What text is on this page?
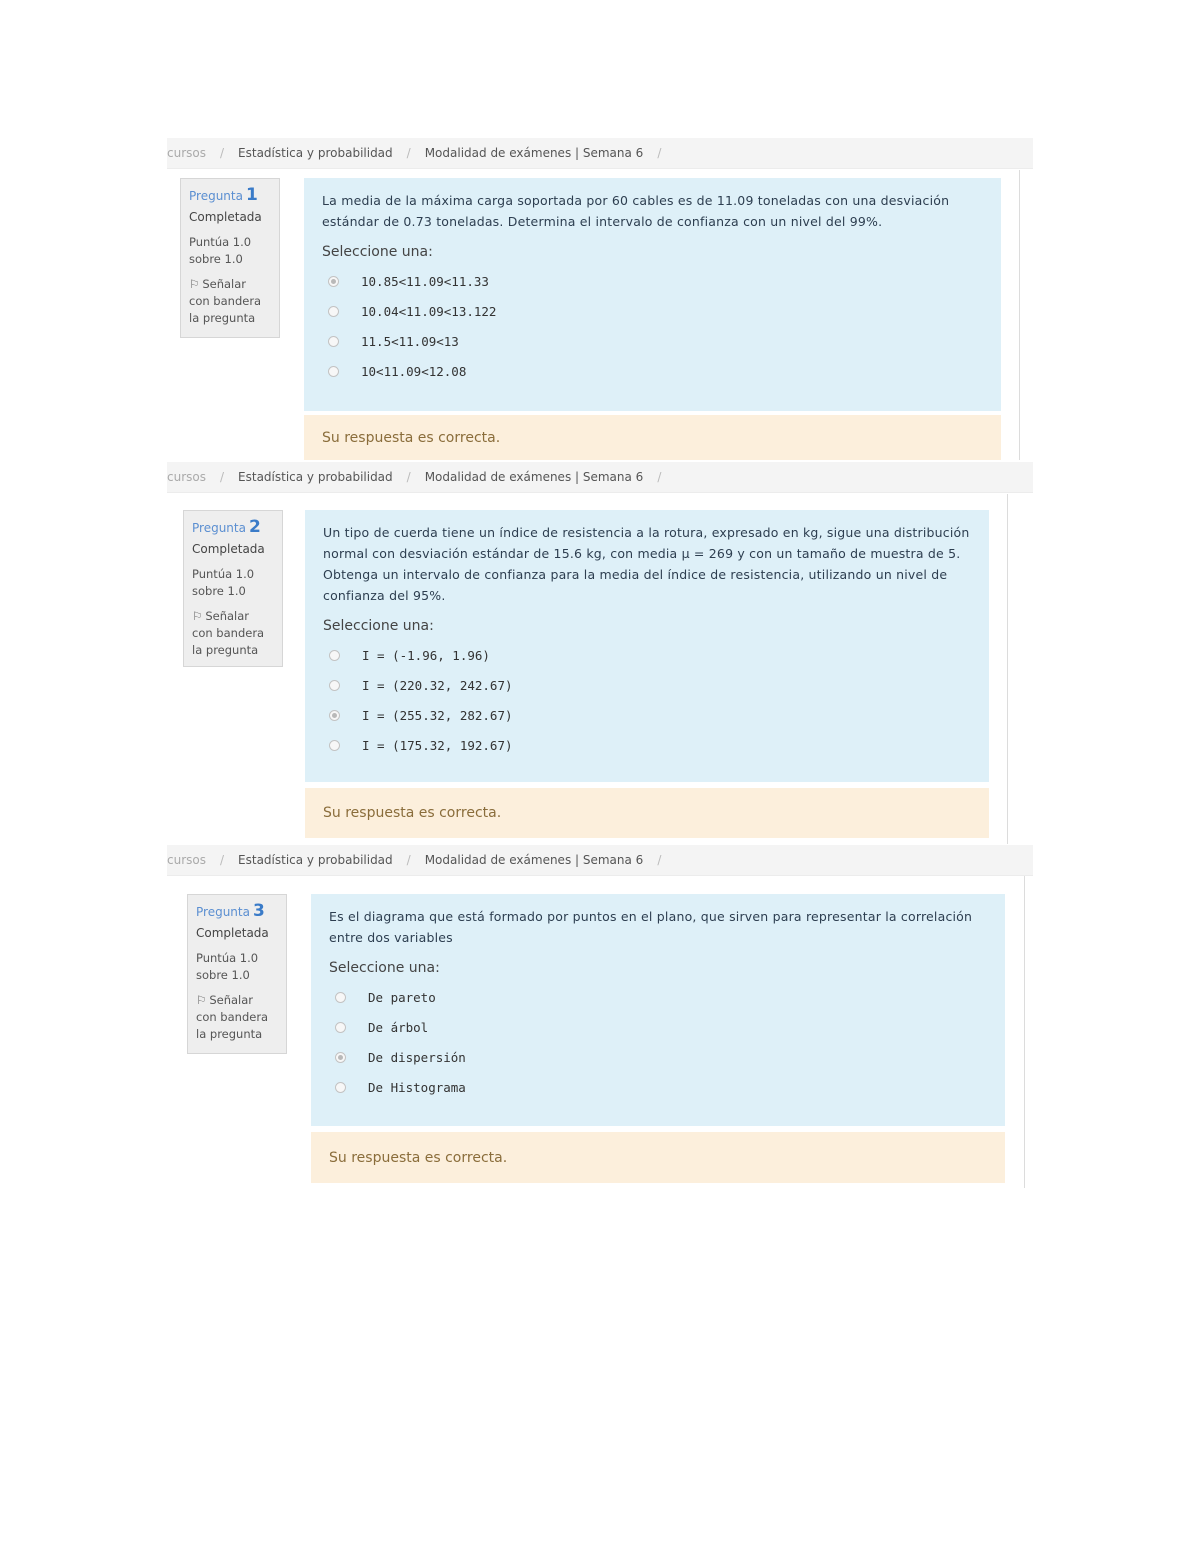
cursos / Estadística y probabilidad / Modalidad de exámenes | Semana 6 /
Pregunta 1
Completada
Puntúa 1.0
sobre 1.0
⚐ Señalar
con bandera
la pregunta
La media de la máxima carga soportada por 60 cables es de 11.09 toneladas con una desviación estándar de 0.73 toneladas. Determina el intervalo de confianza con un nivel del 99%.
Seleccione una:
10.85<11.09<11.33
10.04<11.09<13.122
11.5<11.09<13
10<11.09<12.08
Su respuesta es correcta.
cursos / Estadística y probabilidad / Modalidad de exámenes | Semana 6 /
Pregunta 2
Completada
Puntúa 1.0
sobre 1.0
⚐ Señalar
con bandera
la pregunta
Un tipo de cuerda tiene un índice de resistencia a la rotura, expresado en kg, sigue una distribución normal con desviación estándar de 15.6 kg, con media μ = 269 y con un tamaño de muestra de 5. Obtenga un intervalo de confianza para la media del índice de resistencia, utilizando un nivel de confianza del 95%.
Seleccione una:
I = (-1.96, 1.96)
I = (220.32, 242.67)
I = (255.32, 282.67)
I = (175.32, 192.67)
Su respuesta es correcta.
cursos / Estadística y probabilidad / Modalidad de exámenes | Semana 6 /
Pregunta 3
Completada
Puntúa 1.0
sobre 1.0
⚐ Señalar
con bandera
la pregunta
Es el diagrama que está formado por puntos en el plano, que sirven para representar la correlación entre dos variables
Seleccione una:
De pareto
De árbol
De dispersión
De Histograma
Su respuesta es correcta.
